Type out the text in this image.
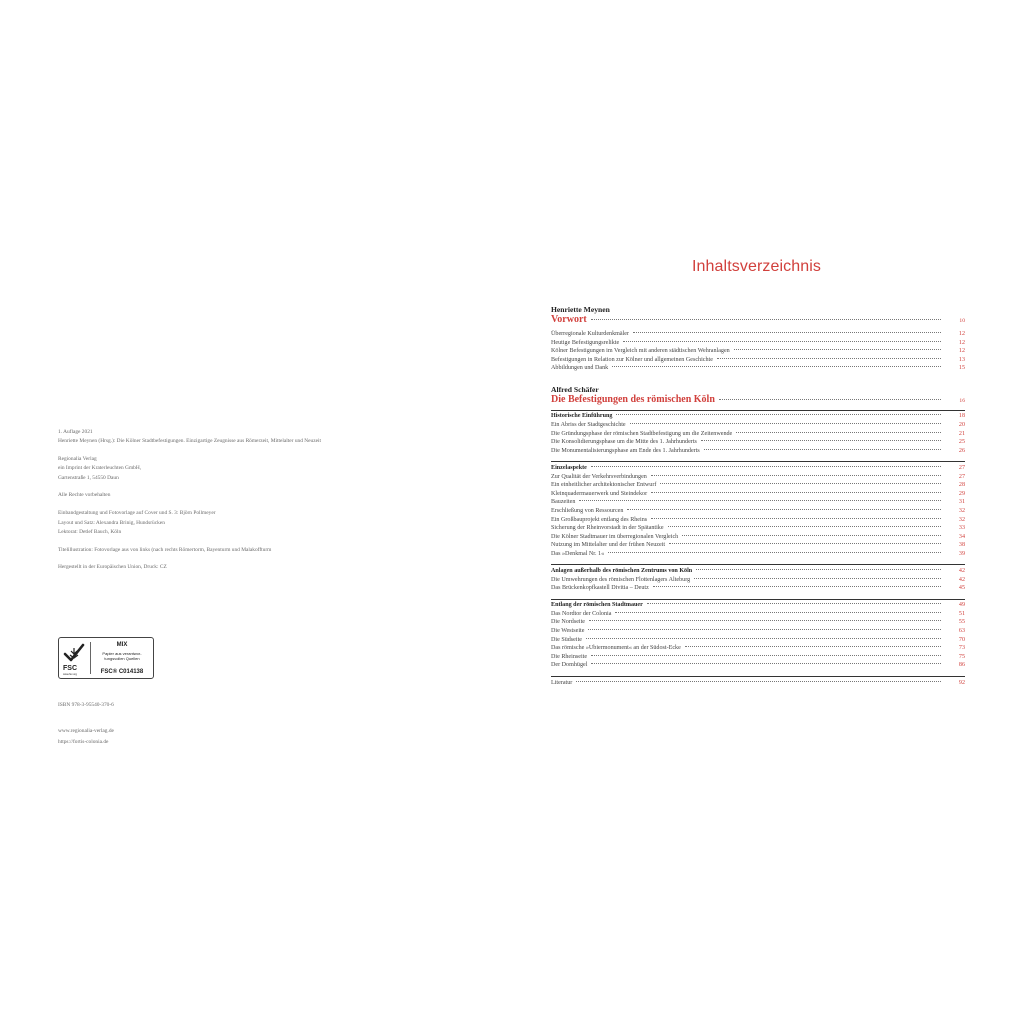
1. Auflage 2021
Henriette Meynen (Hrsg.): Die Kölner Stadtbefestigungen. Einzigartige Zeugnisse aus Römerzeit, Mittelalter und Neuzeit
Regionalia Verlag
ein Imprint der Kraterleuchten GmbH,
Gartenstraße 1, 54550 Daun
Alle Rechte vorbehalten
Einbandgestaltung und Fotovorlage auf Cover und S. 3: Björn Pollmeyer
Layout und Satz: Alexandra Brinig, Hundsrücken
Lektorat: Detlef Bauch, Köln
Titelillustration: Fotovorlage aus von links (nach rechts Römertorm, Bayenturm und Malakoffturm
Hergestellt in der Europäischen Union, Druck: CZ
FSC
www.fsc.org
MIX
Papier aus verantwor- tungsvollen Quellen
FSC® C014138
ISBN 978-3-95540-370-6
www.regionalia-verlag.de
https://fortis-colonia.de
Inhaltsverzeichnis
Henriette Meynen
Vorwort	10
Überregionale Kulturdenkmäler	12
Heutige Befestigungsrelikte	12
Kölner Befestigungen im Vergleich mit anderen städtischen Wehranlagen	12
Befestigungen in Relation zur Kölner und allgemeinen Geschichte	13
Abbildungen und Dank	15
Alfred Schäfer
Die Befestigungen des römischen Köln	16
Historische Einführung	18
Ein Abriss der Stadtgeschichte	20
Die Gründungsphase der römischen Stadtbefestigung um die Zeitenwende	21
Die Konsolidierungsphase um die Mitte des 1. Jahrhunderts	25
Die Monumentalisierungsphase am Ende des 1. Jahrhunderts	26
Einzelaspekte	27
Zur Qualität der Verkehrsverbindungen	27
Ein einheitlicher architektonischer Entwurf	28
Kleinquadermauerwerk und Steindekor	29
Bauzeiten	31
Erschließung von Ressourcen	32
Ein Großbauprojekt entlang des Rheins	32
Sicherung der Rheinvorstadt in der Spätantike	33
Die Kölner Stadtmauer im überregionalen Vergleich	34
Nutzung im Mittelalter und der frühen Neuzeit	38
Das »Denkmal Nr. 1«	39
Anlagen außerhalb des römischen Zentrums von Köln	42
Die Umwehrungen des römischen Flottenlagers Alteburg	42
Das Brückenkopfkastell Divitia – Deutz	45
Entlang der römischen Stadtmauer	49
Das Nordtor der Colonia	51
Die Nordseite	55
Die Westseite	63
Die Südseite	70
Das römische »Ubiermonument« an der Südost-Ecke	73
Die Rheinseite	75
Der Domhügel	86
Literatur	92
